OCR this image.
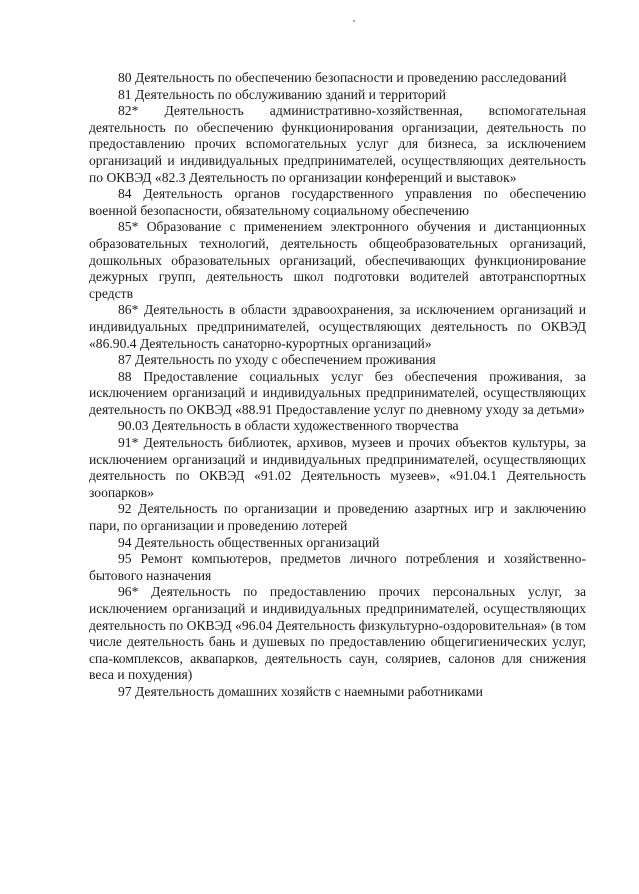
80 Деятельность по обеспечению безопасности и проведению расследований

81 Деятельность по обслуживанию зданий и территорий

82* Деятельность административно-хозяйственная, вспомогательная деятельность по обеспечению функционирования организации, деятельность по предоставлению прочих вспомогательных услуг для бизнеса, за исключением организаций и индивидуальных предпринимателей, осуществляющих деятельность по ОКВЭД «82.3 Деятельность по организации конференций и выставок»

84 Деятельность органов государственного управления по обеспечению военной безопасности, обязательному социальному обеспечению

85* Образование с применением электронного обучения и дистанционных образовательных технологий, деятельность общеобразовательных организаций, дошкольных образовательных организаций, обеспечивающих функционирование дежурных групп, деятельность школ подготовки водителей автотранспортных средств

86* Деятельность в области здравоохранения, за исключением организаций и индивидуальных предпринимателей, осуществляющих деятельность по ОКВЭД «86.90.4 Деятельность санаторно-курортных организаций»

87 Деятельность по уходу с обеспечением проживания

88 Предоставление социальных услуг без обеспечения проживания, за исключением организаций и индивидуальных предпринимателей, осуществляющих деятельность по ОКВЭД «88.91 Предоставление услуг по дневному уходу за детьми»

90.03 Деятельность в области художественного творчества

91* Деятельность библиотек, архивов, музеев и прочих объектов культуры, за исключением организаций и индивидуальных предпринимателей, осуществляющих деятельность по ОКВЭД «91.02 Деятельность музеев», «91.04.1 Деятельность зоопарков»

92 Деятельность по организации и проведению азартных игр и заключению пари, по организации и проведению лотерей

94 Деятельность общественных организаций

95 Ремонт компьютеров, предметов личного потребления и хозяйственно-бытового назначения

96* Деятельность по предоставлению прочих персональных услуг, за исключением организаций и индивидуальных предпринимателей, осуществляющих деятельность по ОКВЭД «96.04 Деятельность физкультурно-оздоровительная» (в том числе деятельность бань и душевых по предоставлению общегигиенических услуг, спа-комплексов, аквапарков, деятельность саун, соляриев, салонов для снижения веса и похудения)

97 Деятельность домашних хозяйств с наемными работниками
